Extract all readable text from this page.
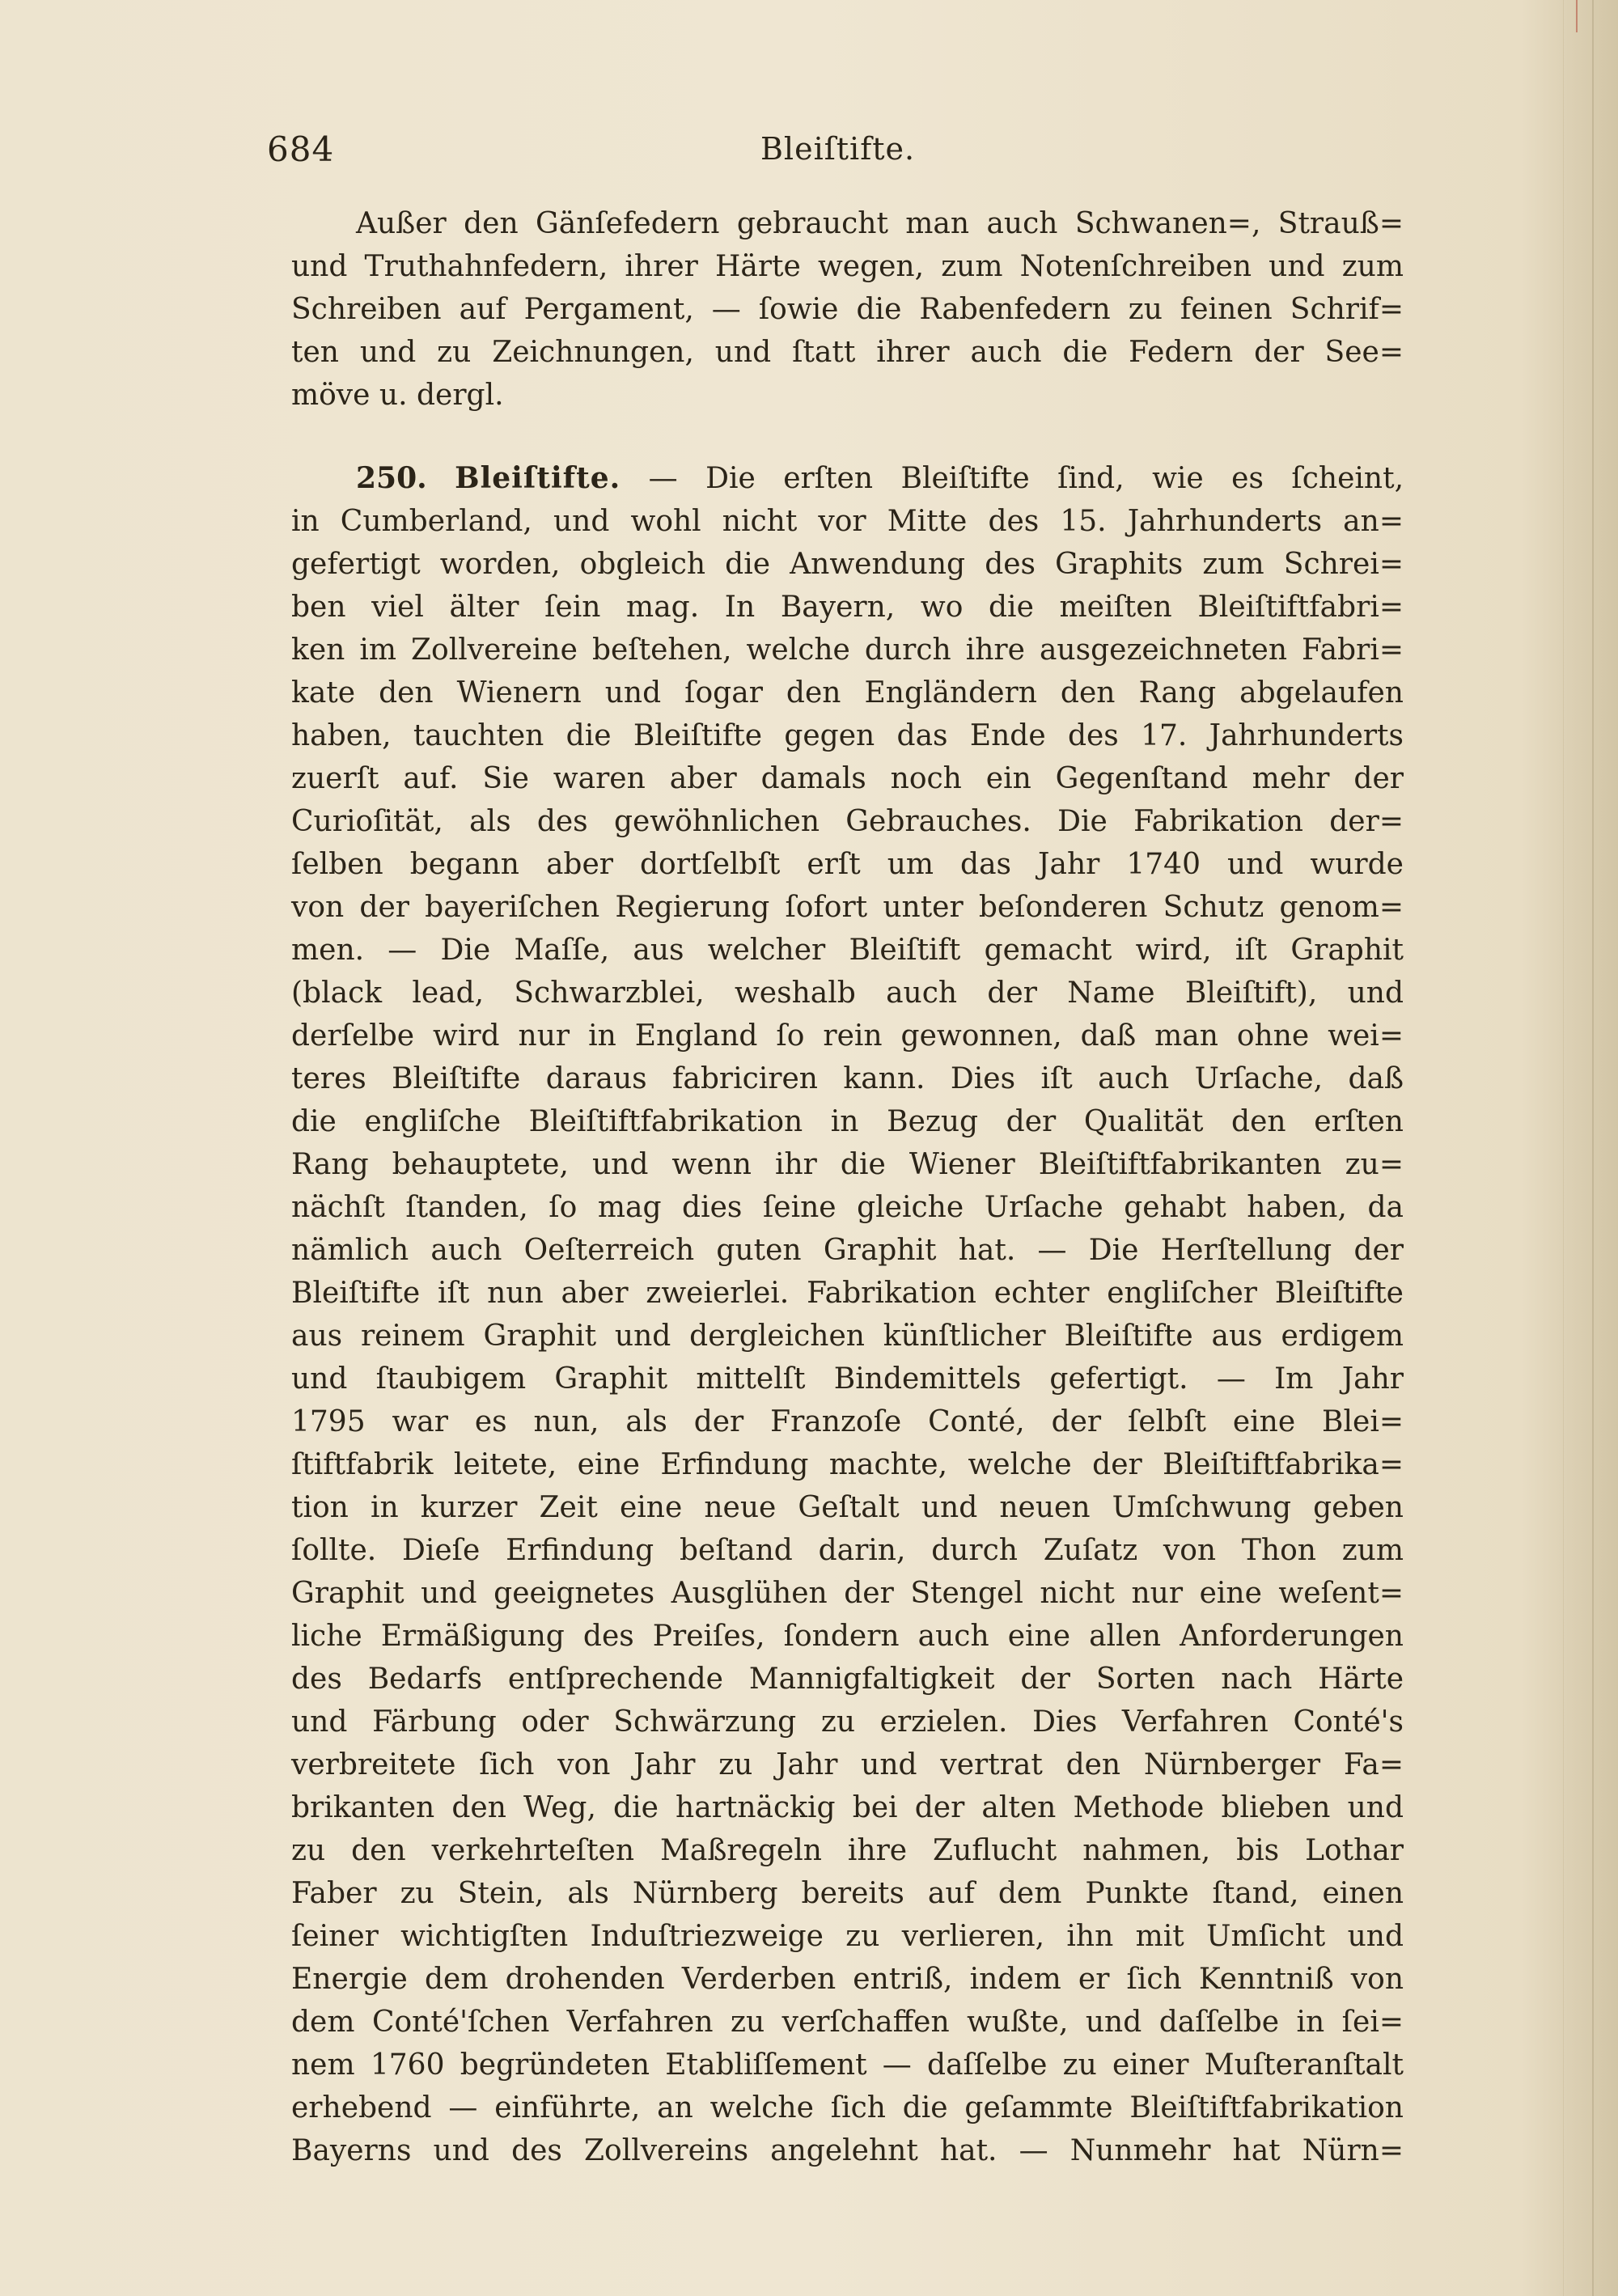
684	Bleiſtifte.
Außer den Gänſefedern gebraucht man auch Schwanen=, Strauß=
und Truthahnfedern, ihrer Härte wegen, zum Notenſchreiben und zum
Schreiben auf Pergament, — ſowie die Rabenfedern zu feinen Schrif=
ten und zu Zeichnungen, und ſtatt ihrer auch die Federn der See=
möve u. dergl.
250. Bleiſtifte. — Die erſten Bleiſtifte ſind, wie es ſcheint,
in Cumberland, und wohl nicht vor Mitte des 15. Jahrhunderts an=
gefertigt worden, obgleich die Anwendung des Graphits zum Schrei=
ben viel älter ſein mag. In Bayern, wo die meiſten Bleiſtiftfabri=
ken im Zollvereine beſtehen, welche durch ihre ausgezeichneten Fabri=
kate den Wienern und ſogar den Engländern den Rang abgelaufen
haben, tauchten die Bleiſtifte gegen das Ende des 17. Jahrhunderts
zuerſt auf. Sie waren aber damals noch ein Gegenſtand mehr der
Curioſität, als des gewöhnlichen Gebrauches. Die Fabrikation der=
ſelben begann aber dortſelbſt erſt um das Jahr 1740 und wurde
von der bayeriſchen Regierung ſofort unter beſonderen Schutz genom=
men. — Die Maſſe, aus welcher Bleiſtift gemacht wird, iſt Graphit
(black lead, Schwarzblei, weshalb auch der Name Bleiſtift), und
derſelbe wird nur in England ſo rein gewonnen, daß man ohne wei=
teres Bleiſtifte daraus fabriciren kann. Dies iſt auch Urſache, daß
die engliſche Bleiſtiftfabrikation in Bezug der Qualität den erſten
Rang behauptete, und wenn ihr die Wiener Bleiſtiftfabrikanten zu=
nächſt ſtanden, ſo mag dies ſeine gleiche Urſache gehabt haben, da
nämlich auch Oeſterreich guten Graphit hat. — Die Herſtellung der
Bleiſtifte iſt nun aber zweierlei. Fabrikation echter engliſcher Bleiſtifte
aus reinem Graphit und dergleichen künſtlicher Bleiſtifte aus erdigem
und ſtaubigem Graphit mittelſt Bindemittels gefertigt. — Im Jahr
1795 war es nun, als der Franzoſe Conté, der ſelbſt eine Blei=
ſtiftfabrik leitete, eine Erfindung machte, welche der Bleiſtiftfabrika=
tion in kurzer Zeit eine neue Geſtalt und neuen Umſchwung geben
ſollte. Dieſe Erfindung beſtand darin, durch Zuſatz von Thon zum
Graphit und geeignetes Ausglühen der Stengel nicht nur eine weſent=
liche Ermäßigung des Preiſes, ſondern auch eine allen Anforderungen
des Bedarfs entſprechende Mannigfaltigkeit der Sorten nach Härte
und Färbung oder Schwärzung zu erzielen. Dies Verfahren Conté's
verbreitete ſich von Jahr zu Jahr und vertrat den Nürnberger Fa=
brikanten den Weg, die hartnäckig bei der alten Methode blieben und
zu den verkehrteſten Maßregeln ihre Zuflucht nahmen, bis Lothar
Faber zu Stein, als Nürnberg bereits auf dem Punkte ſtand, einen
ſeiner wichtigſten Induſtriezweige zu verlieren, ihn mit Umſicht und
Energie dem drohenden Verderben entriß, indem er ſich Kenntniß von
dem Conté'ſchen Verfahren zu verſchaffen wußte, und daſſelbe in ſei=
nem 1760 begründeten Etabliſſement — daſſelbe zu einer Muſteranſtalt
erhebend — einführte, an welche ſich die geſammte Bleiſtiftfabrikation
Bayerns und des Zollvereins angelehnt hat. — Nunmehr hat Nürn=
